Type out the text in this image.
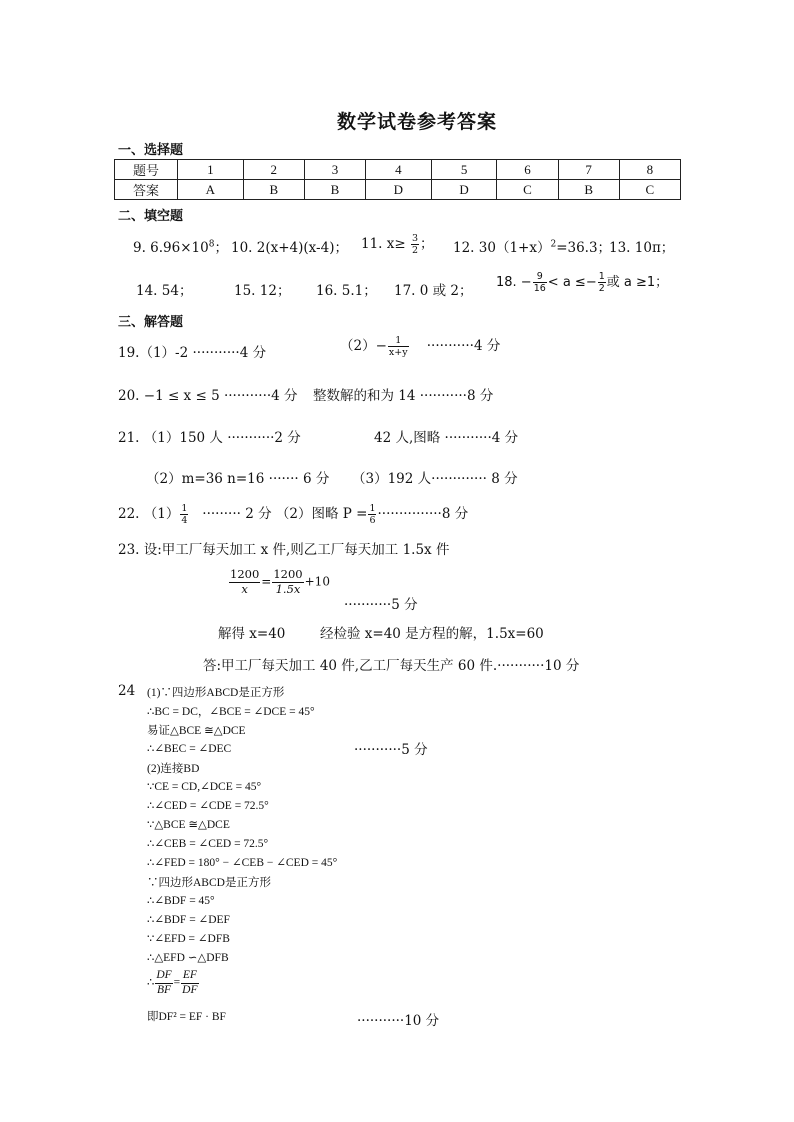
数学试卷参考答案
一、选择题
题号	1	2	3	4	5	6	7	8
答案	A	B	B	D	D	C	B	C
二、填空题
9. $6.96\times 10^8$； 10. 2(x+4)(x-4)； 11. $x\ge \frac{3}{2}$ ； 12. $30(1+x)^2=36.3$；
13. 10π；
14. 54；	15. 12； 16. 5.1； 17. 0 或 2；
18. − $\frac{9}{16} < a \le- \frac{1}{2}$ 或 a ≥1；
三、解答题
19.（1）-2 ···········4 分	$(2)- \frac{1}{x+y} \cdot\cdot\cdot\cdot\cdot\cdot\cdot\cdot\cdot\cdot\cdot 4$ 分
20. −1 ≤ x ≤ 5 ···········4 分 整数解的和为 14 ···········8 分
21. （1）150 人 ···········2 分	42 人,图略 ···········4 分
（2）m=36 n=16 ······· 6 分 （3）192 人············· 8 分
22. $(1) \frac{1}{4}$ ········· 2 分 （2）图略 $P = \frac{1}{6} \cdot\cdot\cdot\cdot\cdot\cdot\cdot\cdot\cdot\cdot\cdot\cdot\cdot\cdot\cdot 8$ 分
23. 设:甲工厂每天加工 x 件,则乙工厂每天加工 1.5x 件
$\frac{1200}{x} = \frac{1200}{1.5x} +10$
···········5 分
解得 x=40	经检验 x=40 是方程的解，1.5x=60
答:甲工厂每天加工 40 件,乙工厂每天生产 60 件.···········10 分
24 (1)∵四边形ABCD是正方形
∴BC = DC，∠BCE = ∠DCE = 45°
易证△BCE ≅△DCE
∴∠BEC = ∠DEC	···········5 分
(2)连接BD
∵CE = CD,∠DCE = 45°
∴∠CED = ∠CDE = 72.5°
∵△BCE ≅△DCE
∴∠CEB = ∠CED = 72.5°
∴∠FED = 180° − ∠CEB − ∠CED = 45°
∵四边形ABCD是正方形
∴∠BDF = 45°
∴∠BDF = ∠DEF
∵∠EFD = ∠DFB
∴△EFD ∽△DFB
∴ $\frac{DF}{BF} = \frac{EF}{DF}$
即DF² = EF · BF	···········10 分
